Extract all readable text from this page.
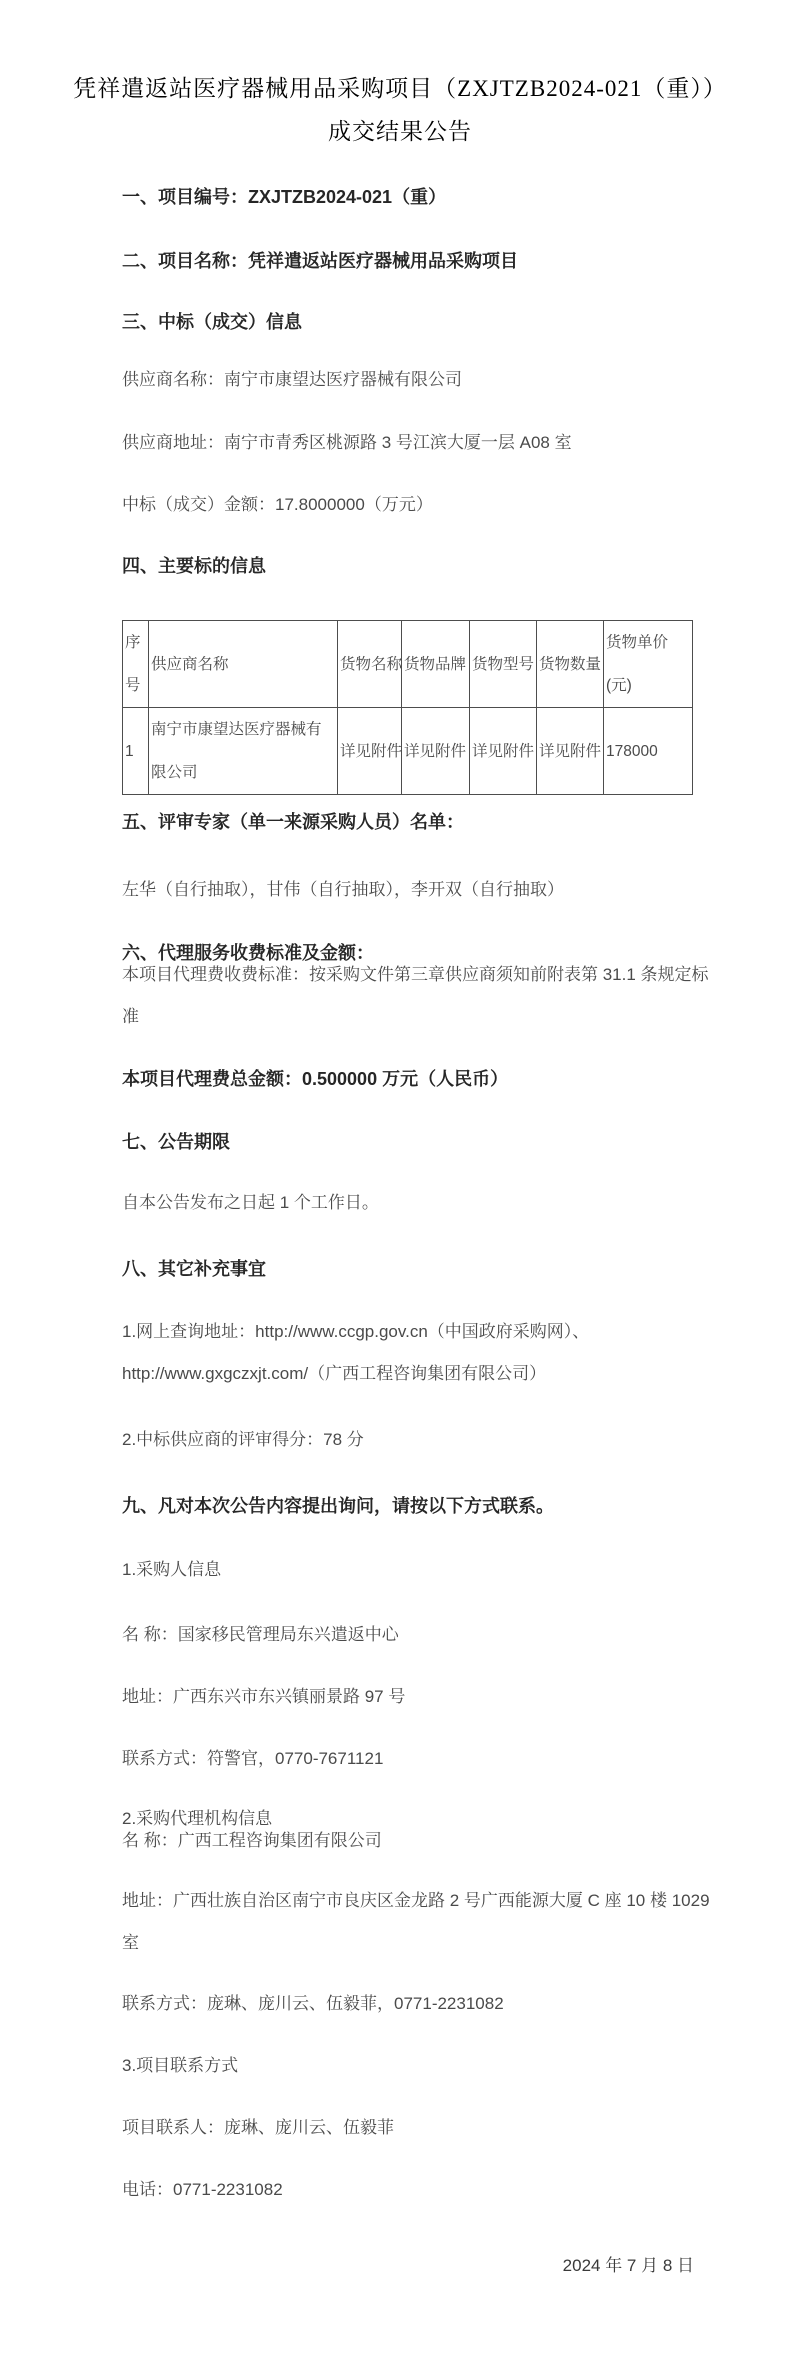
凭祥遣返站医疗器械用品采购项目（ZXJTZB2024-021（重））
成交结果公告
一、项目编号：ZXJTZB2024-021（重）
二、项目名称：凭祥遣返站医疗器械用品采购项目
三、中标（成交）信息
供应商名称：南宁市康望达医疗器械有限公司
供应商地址：南宁市青秀区桃源路 3 号江滨大厦一层 A08 室
中标（成交）金额：17.8000000（万元）
四、主要标的信息
序
号	供应商名称	货物名称	货物品牌	货物型号	货物数量	货物单价
(元)

1	南宁市康望达医疗器械有
限公司	详见附件	详见附件	详见附件	详见附件	178000
五、评审专家（单一来源采购人员）名单：
左华（自行抽取），甘伟（自行抽取），李开双（自行抽取）
六、代理服务收费标准及金额：
本项目代理费收费标准：按采购文件第三章供应商须知前附表第 31.1 条规定标
准
本项目代理费总金额：0.500000 万元（人民币）
七、公告期限
自本公告发布之日起 1 个工作日。
八、其它补充事宜
1.网上查询地址：http://www.ccgp.gov.cn（中国政府采购网）、
http://www.gxgczxjt.com/（广西工程咨询集团有限公司）
2.中标供应商的评审得分：78 分
九、凡对本次公告内容提出询问，请按以下方式联系。
1.采购人信息
名 称：国家移民管理局东兴遣返中心
地址：广西东兴市东兴镇丽景路 97 号
联系方式：符警官，0770-7671121
2.采购代理机构信息
名 称：广西工程咨询集团有限公司
地址：广西壮族自治区南宁市良庆区金龙路 2 号广西能源大厦 C 座 10 楼 1029
室
联系方式：庞琳、庞川云、伍毅菲，0771-2231082
3.项目联系方式
项目联系人：庞琳、庞川云、伍毅菲
电话：0771-2231082
2024 年 7 月 8 日
